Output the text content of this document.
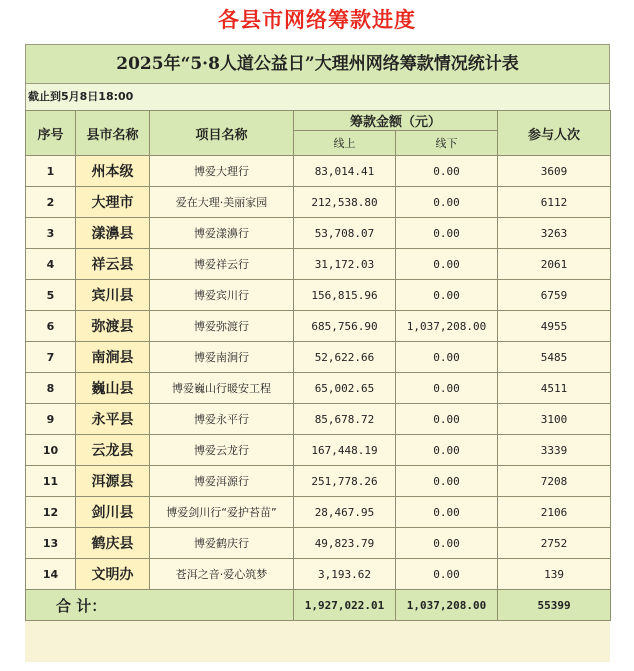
各县市网络筹款进度
2025年“5·8人道公益日”大理州网络筹款情况统计表
截止到5月8日18:00
序号	县市名称	项目名称	筹款金额（元）		参与人次
			线上	线下	
1	州本级	博爱大理行	83,014.41	0.00	3609
2	大理市	爱在大理·美丽家园	212,538.80	0.00	6112
3	漾濞县	博爱漾濞行	53,708.07	0.00	3263
4	祥云县	博爱祥云行	31,172.03	0.00	2061
5	宾川县	博爱宾川行	156,815.96	0.00	6759
6	弥渡县	博爱弥渡行	685,756.90	1,037,208.00	4955
7	南涧县	博爱南涧行	52,622.66	0.00	5485
8	巍山县	博爱巍山行暖安工程	65,002.65	0.00	4511
9	永平县	博爱永平行	85,678.72	0.00	3100
10	云龙县	博爱云龙行	167,448.19	0.00	3339
11	洱源县	博爱洱源行	251,778.26	0.00	7208
12	剑川县	博爱剑川行“爱护苔苗”	28,467.95	0.00	2106
13	鹤庆县	博爱鹤庆行	49,823.79	0.00	2752
14	文明办	苍洱之音·爱心筑梦	3,193.62	0.00	139
合 计：			1,927,022.01	1,037,208.00	55399
